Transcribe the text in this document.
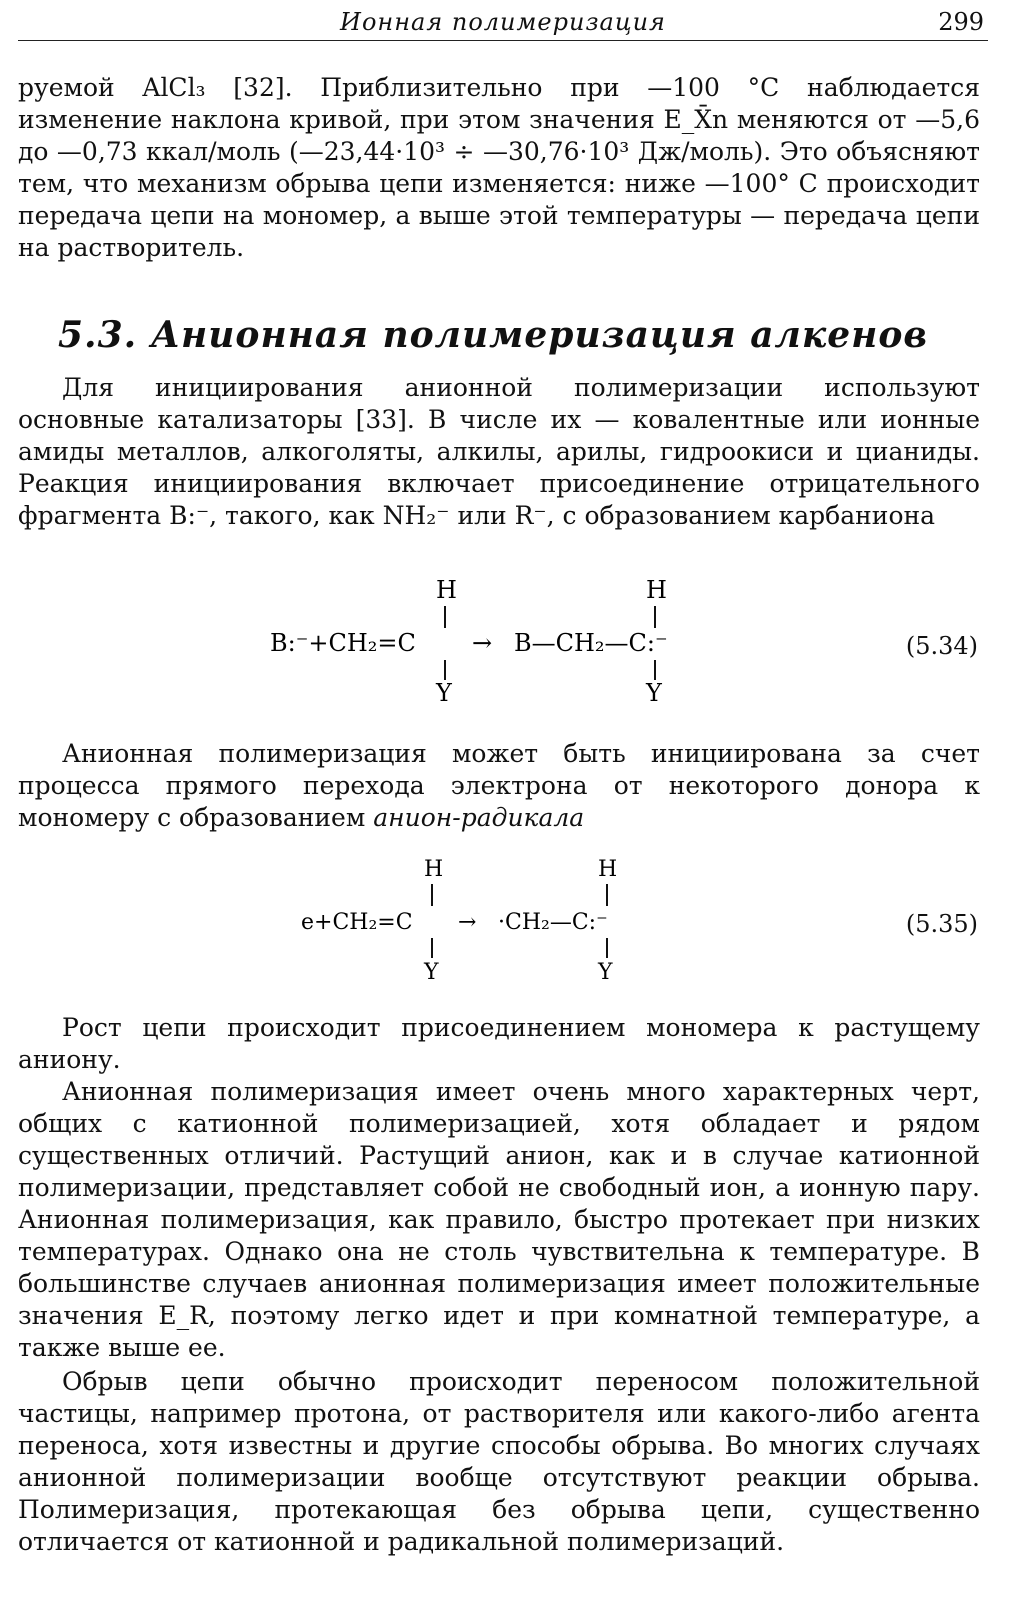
Ионная полимеризация	299

руемой AlCl₃ [32]. Приблизительно при —100 °С наблюдается изменение наклона кривой, при этом значения E_X̄n меняются от —5,6 до —0,73 ккал/моль (—23,44·10³ ÷ —30,76·10³ Дж/моль). Это объясняют тем, что механизм обрыва цепи изменяется: ниже —100° С происходит передача цепи на мономер, а выше этой температуры — передача цепи на растворитель.

5.3. Анионная полимеризация алкенов

Для инициирования анионной полимеризации используют основные катализаторы [33]. В числе их — ковалентные или ионные амиды металлов, алкоголяты, алкилы, арилы, гидроокиси и цианиды. Реакция инициирования включает присоединение отрицательного фрагмента B:⁻, такого, как NH₂⁻ или R⁻, с образованием карбаниона

B:⁻+CH₂=C
H
Y
→ B—CH₂—C:⁻
H
Y
(5.34)

Анионная полимеризация может быть инициирована за счет процесса прямого перехода электрона от некоторого донора к мономеру с образованием анион-радикала

e+CH₂=C
H
Y
→ ·CH₂—C:⁻
H
Y
(5.35)

Рост цепи происходит присоединением мономера к растущему аниону.

Анионная полимеризация имеет очень много характерных черт, общих с катионной полимеризацией, хотя обладает и рядом существенных отличий. Растущий анион, как и в случае катионной полимеризации, представляет собой не свободный ион, а ионную пару. Анионная полимеризация, как правило, быстро протекает при низких температурах. Однако она не столь чувствительна к температуре. В большинстве случаев анионная полимеризация имеет положительные значения E_R, поэтому легко идет и при комнатной температуре, а также выше ее.

Обрыв цепи обычно происходит переносом положительной частицы, например протона, от растворителя или какого-либо агента переноса, хотя известны и другие способы обрыва. Во многих случаях анионной полимеризации вообще отсутствуют реакции обрыва. Полимеризация, протекающая без обрыва цепи, существенно отличается от катионной и радикальной полимеризаций.
